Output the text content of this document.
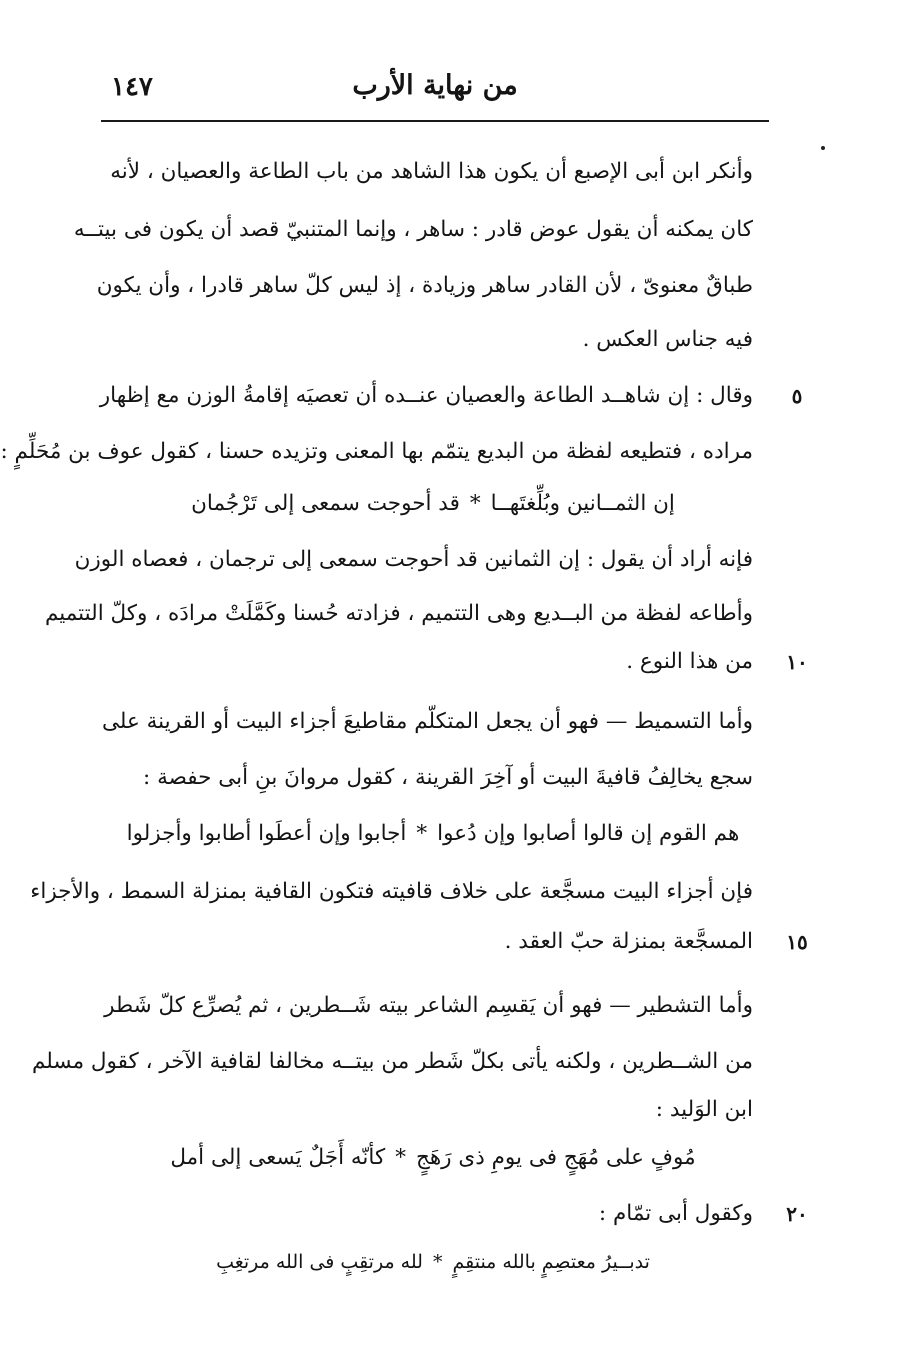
من نهاية الأرب
١٤٧
وأنكر ابن أبى الإصبع أن يكون هذا الشاهد من باب الطاعة والعصيان ، لأنه
كان يمكنه أن يقول عوض قادر : ساهر ، وإنما المتنبيّ قصد أن يكون فى بيتــه
طباقٌ معنوىّ ، لأن القادر ساهر وزيادة ، إذ ليس كلّ ساهر قادرا ، وأن يكون
فيه جناس العكس .
٥
وقال : إن شاهــد الطاعة والعصيان عنــده أن تعصيَه إقامةُ الوزن مع إظهار
مراده ، فتطيعه لفظة من البديع يتمّم بها المعنى وتزيده حسنا ، كقول عوف بن مُحَلِّمٍ :
إن الثمــانين وبُلِّغتَهــا*قد أحوجت سمعى إلى تَرْجُمان
فإنه أراد أن يقول : إن الثمانين قد أحوجت سمعى إلى ترجمان ، فعصاه الوزن
وأطاعه لفظة من البــديع وهى التتميم ، فزادته حُسنا وكَمَّلَتْ مرادَه ، وكلّ التتميم
١٠
من هذا النوع .
وأما التسميط — فهو أن يجعل المتكلّم مقاطيعَ أجزاء البيت أو القرينة على
سجع يخالِفُ قافيةَ البيت أو آخِرَ القرينة ، كقول مروانَ بنِ أبى حفصة :
هم القوم إن قالوا أصابوا وإن دُعوا*أجابوا وإن أعطَوا أطابوا وأجزلوا
فإن أجزاء البيت مسجَّعة على خلاف قافيته فتكون القافية بمنزلة السمط ، والأجزاء
١٥
المسجَّعة بمنزلة حبّ العقد .
وأما التشطير — فهو أن يَقسِم الشاعر بيته شَــطرين ، ثم يُصرِّع كلّ شَطر
من الشــطرين ، ولكنه يأتى بكلّ شَطر من بيتــه مخالفا لقافية الآخر ، كقول مسلم
ابن الوَليد :
مُوفٍ على مُهَجٍ فى يومِ ذى رَهَجٍ*كأنّه أَجَلٌ يَسعى إلى أمل
٢٠
وكقول أبى تمّام :
تدبــيرُ معتصِمٍ بالله منتقِمٍ*لله مرتقِبٍ فى الله مرتغِبِ
